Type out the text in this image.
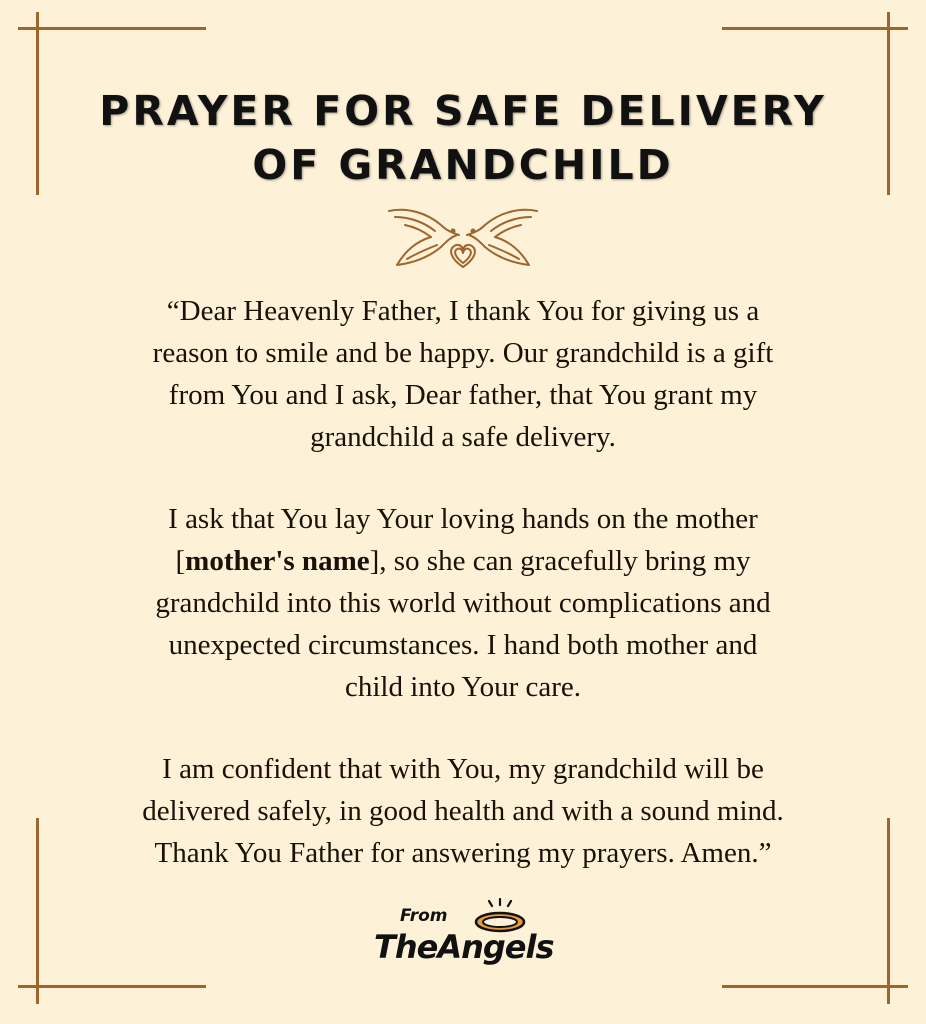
PRAYER FOR SAFE DELIVERY
OF GRANDCHILD

“Dear Heavenly Father, I thank You for giving us a
reason to smile and be happy. Our grandchild is a gift
from You and I ask, Dear father, that You grant my
grandchild a safe delivery.

I ask that You lay Your loving hands on the mother
[mother's name], so she can gracefully bring my
grandchild into this world without complications and
unexpected circumstances. I hand both mother and
child into Your care.

I am confident that with You, my grandchild will be
delivered safely, in good health and with a sound mind.
Thank You Father for answering my prayers. Amen.”

From
TheAngels
